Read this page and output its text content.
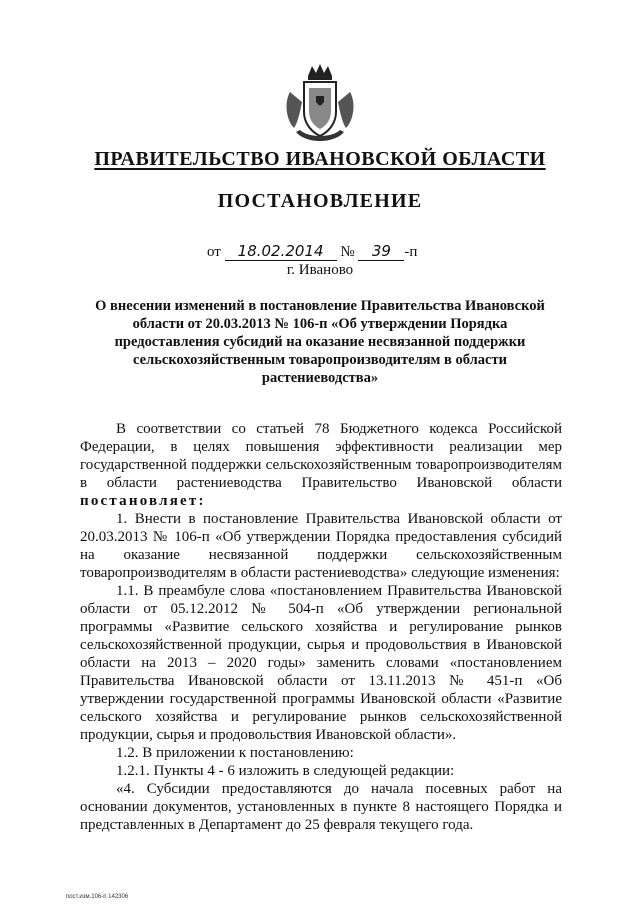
ПРАВИТЕЛЬСТВО ИВАНОВСКОЙ ОБЛАСТИ
ПОСТАНОВЛЕНИЕ
от 18.02.2014 № 39 -п
г. Иваново
О внесении изменений в постановление Правительства Ивановской области от 20.03.2013 № 106-п «Об утверждении Порядка предоставления субсидий на оказание несвязанной поддержки сельскохозяйственным товаропроизводителям в области растениеводства»

В соответствии со статьей 78 Бюджетного кодекса Российской Федерации, в целях повышения эффективности реализации мер государственной поддержки сельскохозяйственным товаропроизводителям в области растениеводства Правительство Ивановской области постановляет:

1. Внести в постановление Правительства Ивановской области от 20.03.2013 № 106-п «Об утверждении Порядка предоставления субсидий на оказание несвязанной поддержки сельскохозяйственным товаропроизводителям в области растениеводства» следующие изменения:

1.1. В преамбуле слова «постановлением Правительства Ивановской области от 05.12.2012 № 504-п «Об утверждении региональной программы «Развитие сельского хозяйства и регулирование рынков сельскохозяйственной продукции, сырья и продовольствия в Ивановской области на 2013 – 2020 годы» заменить словами «постановлением Правительства Ивановской области от 13.11.2013 № 451-п «Об утверждении государственной программы Ивановской области «Развитие сельского хозяйства и регулирование рынков сельскохозяйственной продукции, сырья и продовольствия Ивановской области».

1.2. В приложении к постановлению:

1.2.1. Пункты 4 - 6 изложить в следующей редакции:

«4. Субсидии предоставляются до начала посевных работ на основании документов, установленных в пункте 8 настоящего Порядка и представленных в Департамент до 25 февраля текущего года.

пост.изм.106-п 142306
